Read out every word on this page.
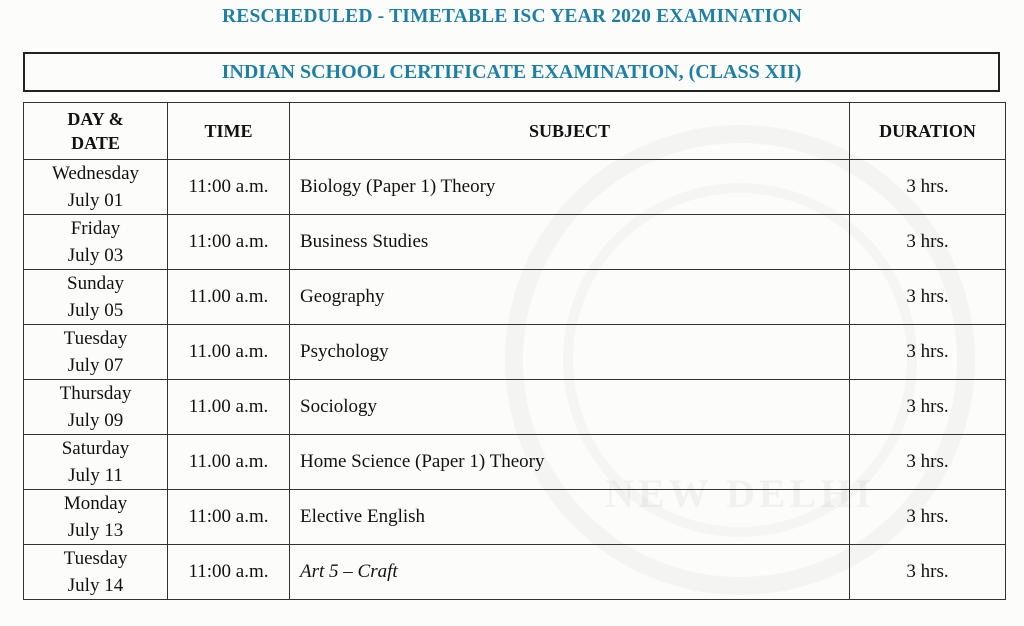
NEW DELHI
RESCHEDULED - TIMETABLE ISC YEAR 2020 EXAMINATION
INDIAN SCHOOL CERTIFICATE EXAMINATION, (CLASS XII)
DAY &
DATE	TIME	SUBJECT	DURATION

Wednesday
July 01	11:00 a.m.	Biology (Paper 1) Theory	3 hrs.

Friday
July 03	11:00 a.m.	Business Studies	3 hrs.

Sunday
July 05	11.00 a.m.	Geography	3 hrs.

Tuesday
July 07	11.00 a.m.	Psychology	3 hrs.

Thursday
July 09	11.00 a.m.	Sociology	3 hrs.

Saturday
July 11	11.00 a.m.	Home Science (Paper 1) Theory	3 hrs.

Monday
July 13	11:00 a.m.	Elective English	3 hrs.

Tuesday
July 14	11:00 a.m.	Art 5 – Craft	3 hrs.
